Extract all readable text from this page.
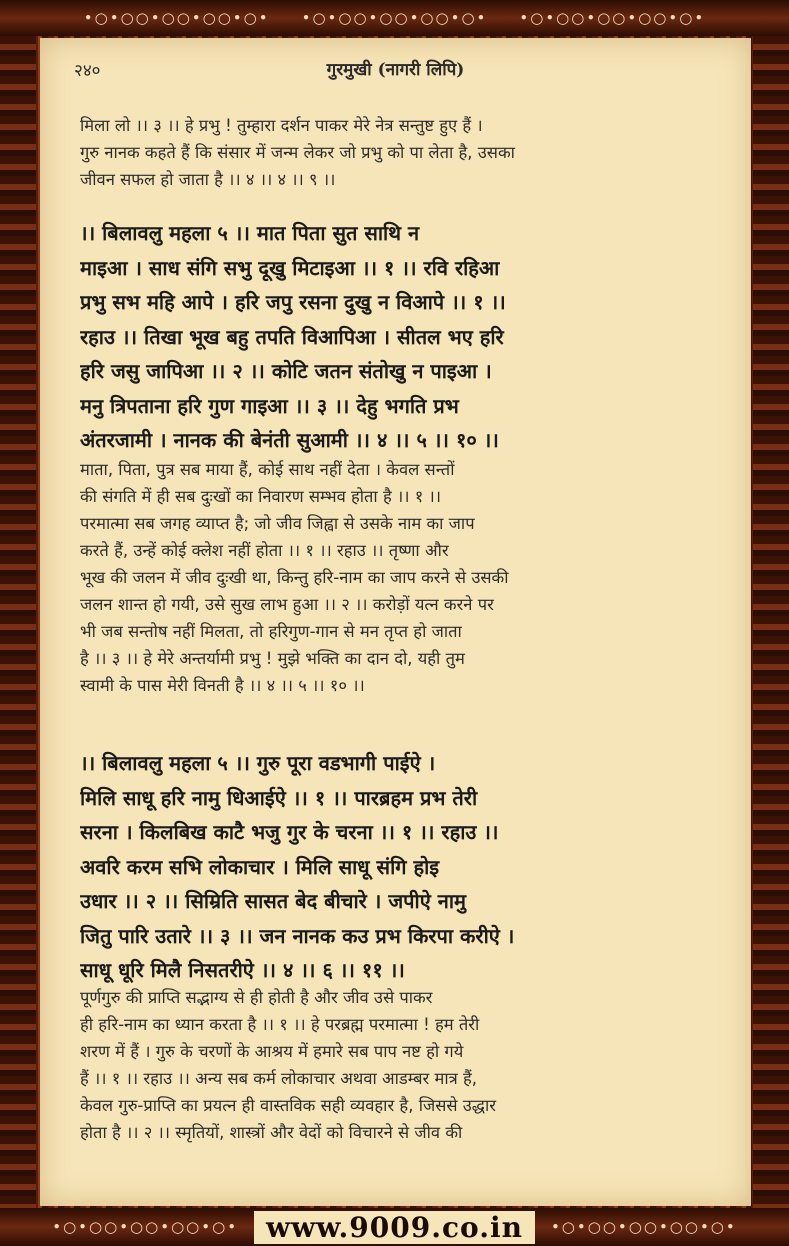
•○•○○•○○•○○•○• •○•○○•○○•○○•○• •○•○○•○○•○○•○•
२४०	गुरमुखी (नागरी लिपि)
मिला लो ।। ३ ।। हे प्रभु ! तुम्हारा दर्शन पाकर मेरे नेत्र सन्तुष्ट हुए हैं ।
गुरु नानक कहते हैं कि संसार में जन्म लेकर जो प्रभु को पा लेता है, उसका
जीवन सफल हो जाता है ।। ४ ।। ४ ।। ९ ।।
।। बिलावलु महला ५ ।। मात पिता सुत साथि न
माइआ । साध संगि सभु दूखु मिटाइआ ।। १ ।। रवि रहिआ
प्रभु सभ महि आपे । हरि जपु रसना दुखु न विआपे ।। १ ।।
रहाउ ।। तिखा भूख बहु तपति विआपिआ । सीतल भए हरि
हरि जसु जापिआ ।। २ ।। कोटि जतन संतोखु न पाइआ ।
मनु त्रिपताना हरि गुण गाइआ ।। ३ ।। देहु भगति प्रभ
अंतरजामी । नानक की बेनंती सुआमी ।। ४ ।। ५ ।। १० ।।
माता, पिता, पुत्र सब माया हैं, कोई साथ नहीं देता । केवल सन्तों
की संगति में ही सब दुःखों का निवारण सम्भव होता है ।। १ ।।
परमात्मा सब जगह व्याप्त है; जो जीव जिह्वा से उसके नाम का जाप
करते हैं, उन्हें कोई क्लेश नहीं होता ।। १ ।। रहाउ ।। तृष्णा और
भूख की जलन में जीव दुःखी था, किन्तु हरि-नाम का जाप करने से उसकी
जलन शान्त हो गयी, उसे सुख लाभ हुआ ।। २ ।। करोड़ों यत्न करने पर
भी जब सन्तोष नहीं मिलता, तो हरिगुण-गान से मन तृप्त हो जाता
है ।। ३ ।। हे मेरे अन्तर्यामी प्रभु ! मुझे भक्ति का दान दो, यही तुम
स्वामी के पास मेरी विनती है ।। ४ ।। ५ ।। १० ।।
।। बिलावलु महला ५ ।। गुरु पूरा वडभागी पाईऐ ।
मिलि साधू हरि नामु धिआईऐ ।। १ ।। पारब्रहम प्रभ तेरी
सरना । किलबिख काटै भजु गुर के चरना ।। १ ।। रहाउ ।।
अवरि करम सभि लोकाचार । मिलि साधू संगि होइ
उधार ।। २ ।। सिम्रिति सासत बेद बीचारे । जपीऐ नामु
जितु पारि उतारे ।। ३ ।। जन नानक कउ प्रभ किरपा करीऐ ।
साधू धूरि मिलै निसतरीऐ ।। ४ ।। ६ ।। ११ ।।
पूर्णगुरु की प्राप्ति सद्भाग्य से ही होती है और जीव उसे पाकर
ही हरि-नाम का ध्यान करता है ।। १ ।। हे परब्रह्म परमात्मा ! हम तेरी
शरण में हैं । गुरु के चरणों के आश्रय में हमारे सब पाप नष्ट हो गये
हैं ।। १ ।। रहाउ ।। अन्य सब कर्म लोकाचार अथवा आडम्बर मात्र हैं,
केवल गुरु-प्राप्ति का प्रयत्न ही वास्तविक सही व्यवहार है, जिससे उद्धार
होता है ।। २ ।। स्मृतियों, शास्त्रों और वेदों को विचारने से जीव की
•○•○○•○○•○○•○•	www.9009.co.in	•○•○○•○○•○○•○•
